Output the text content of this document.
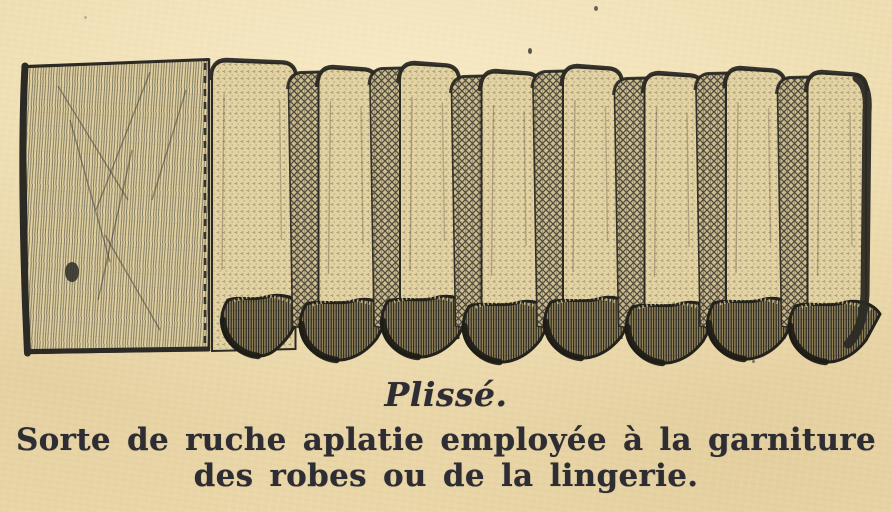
Plissé.
Sorte de ruche aplatie employée à la garniture
des robes ou de la lingerie.
